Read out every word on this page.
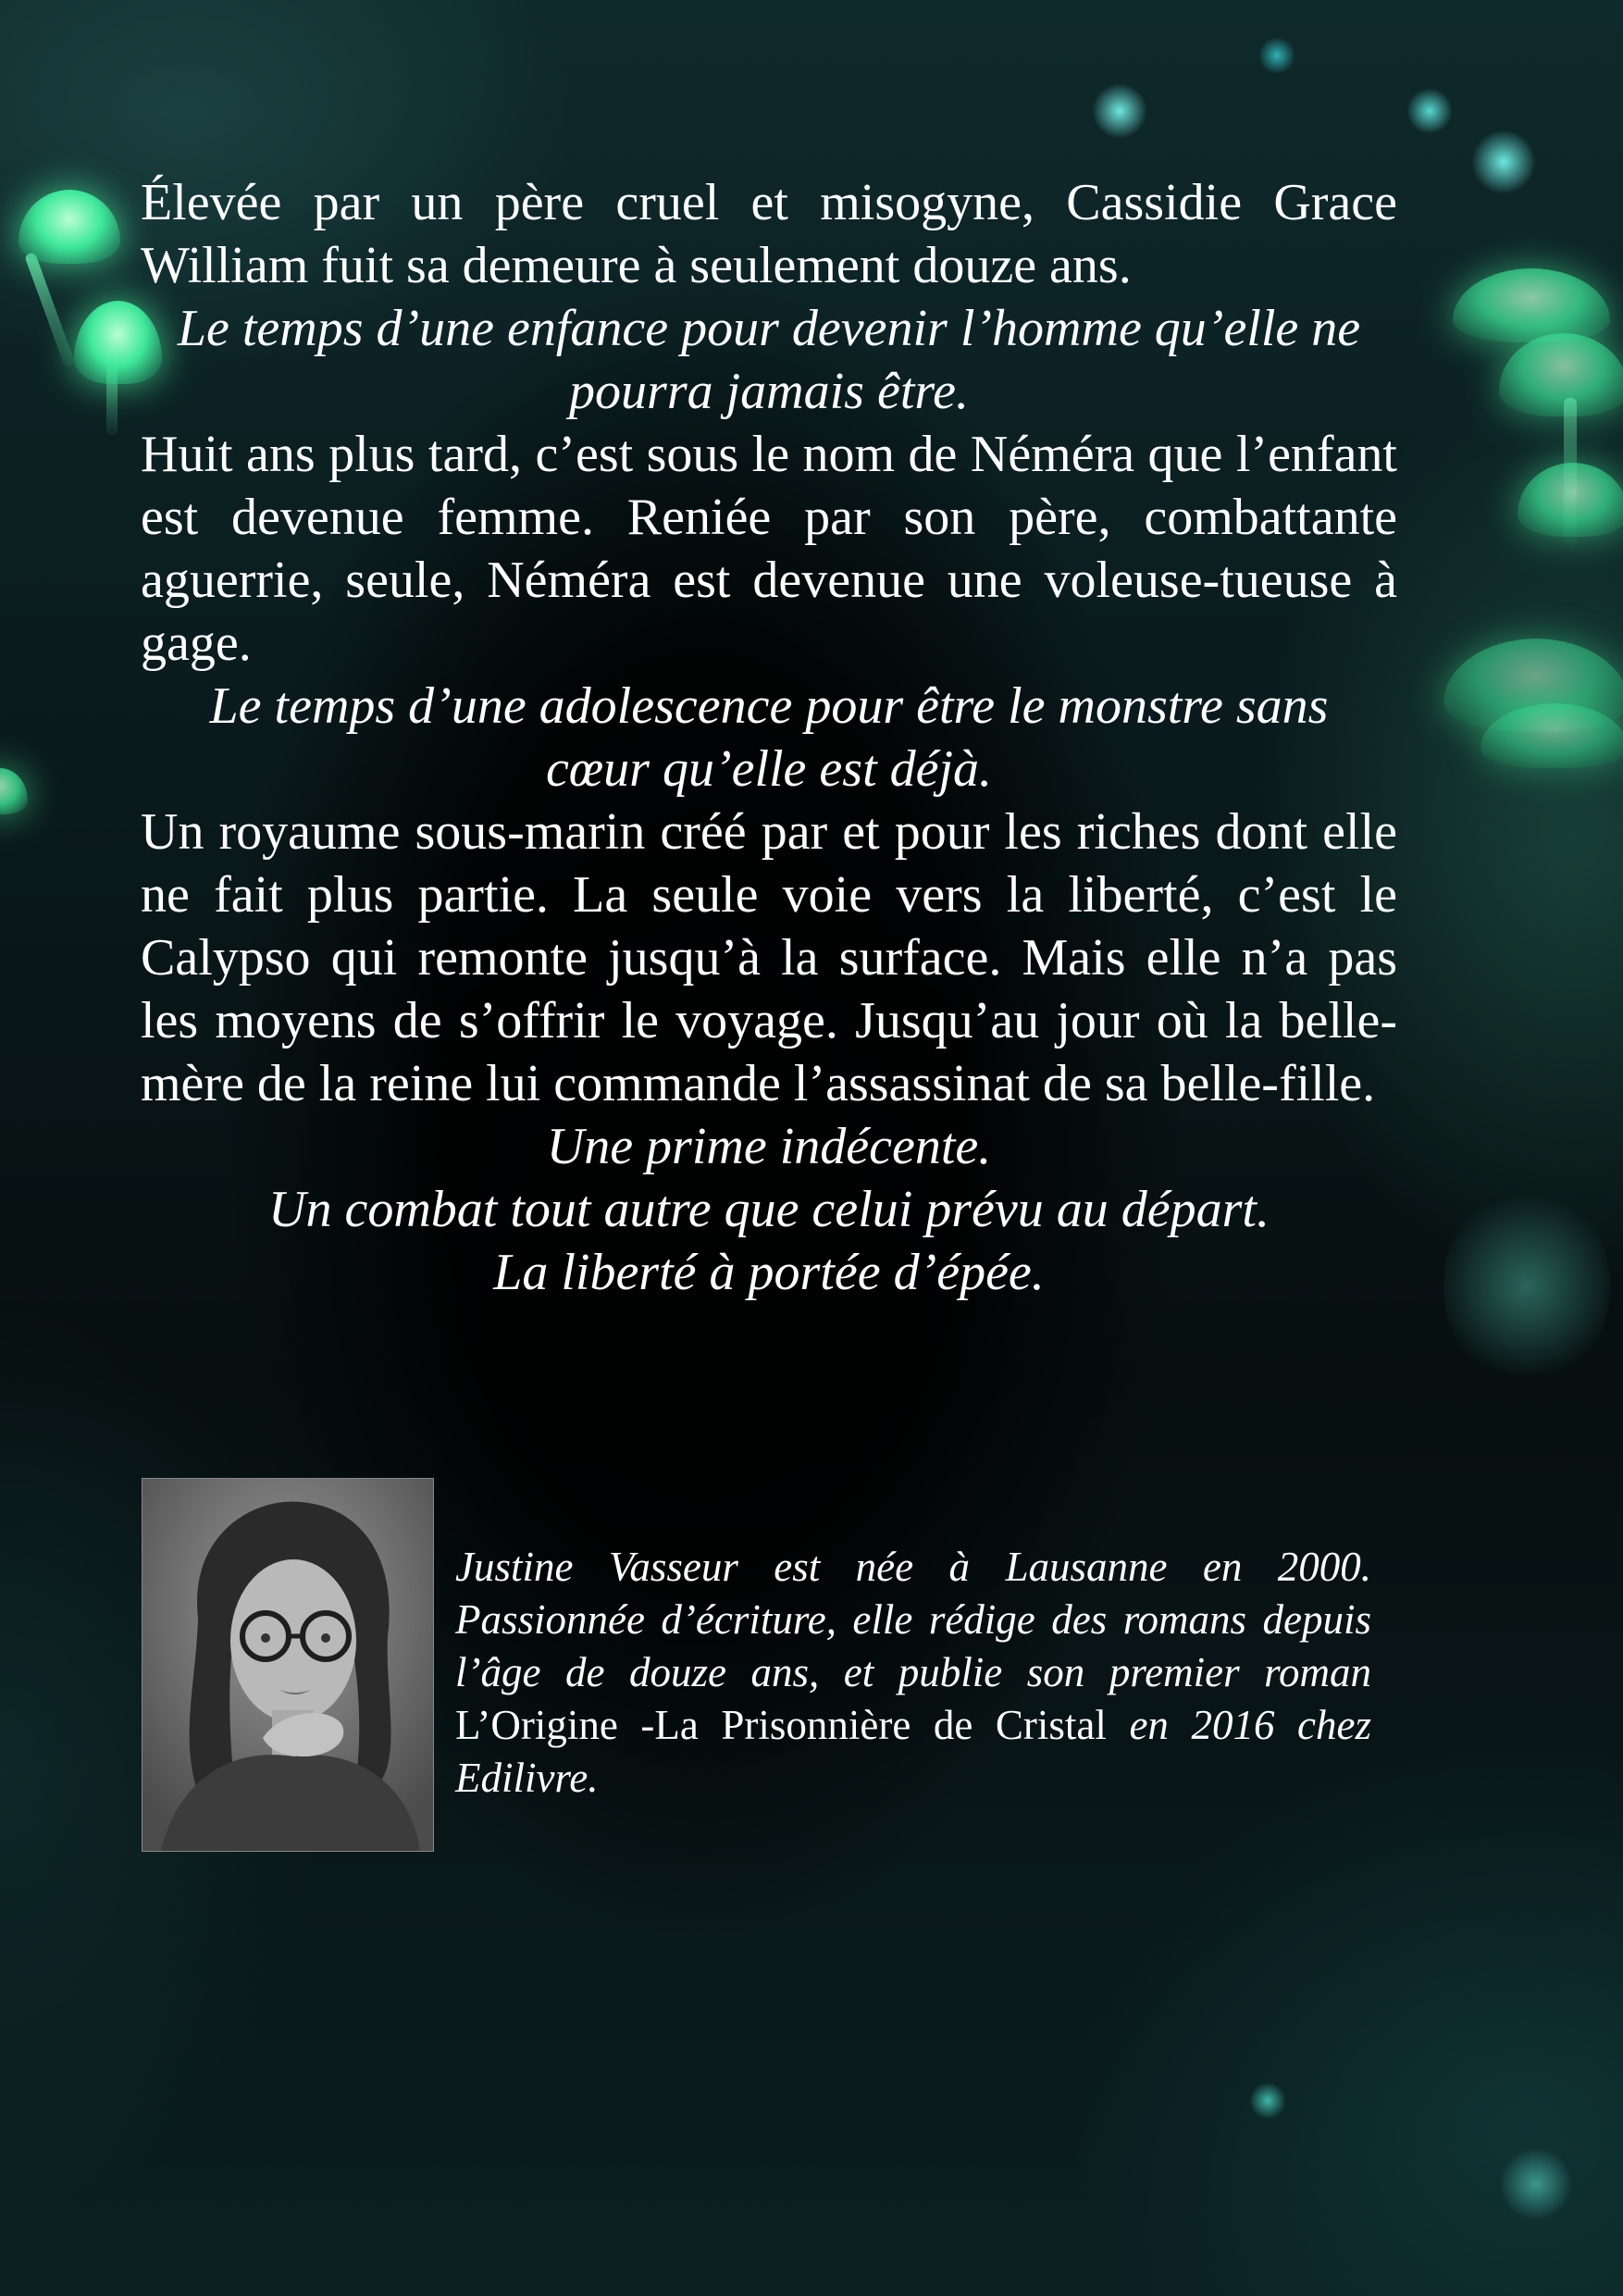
Élevée par un père cruel et misogyne, Cassidie Grace William fuit sa demeure à seulement douze ans.

Le temps d’une enfance pour devenir l’homme qu’elle ne pourra jamais être.

Huit ans plus tard, c’est sous le nom de Néméra que l’enfant est devenue femme. Reniée par son père, combattante aguerrie, seule, Néméra est devenue une voleuse-tueuse à gage.

Le temps d’une adolescence pour être le monstre sans cœur qu’elle est déjà.

Un royaume sous-marin créé par et pour les riches dont elle ne fait plus partie. La seule voie vers la liberté, c’est le Calypso qui remonte jusqu’à la surface. Mais elle n’a pas les moyens de s’offrir le voyage. Jusqu’au jour où la belle-mère de la reine lui commande l’assassinat de sa belle-fille.

Une prime indécente.

Un combat tout autre que celui prévu au départ.

La liberté à portée d’épée.

Justine Vasseur est née à Lausanne en 2000. Passionnée d’écriture, elle rédige des romans depuis l’âge de douze ans, et publie son premier roman L’Origine -La Prisonnière de Cristal en 2016 chez Edilivre.
